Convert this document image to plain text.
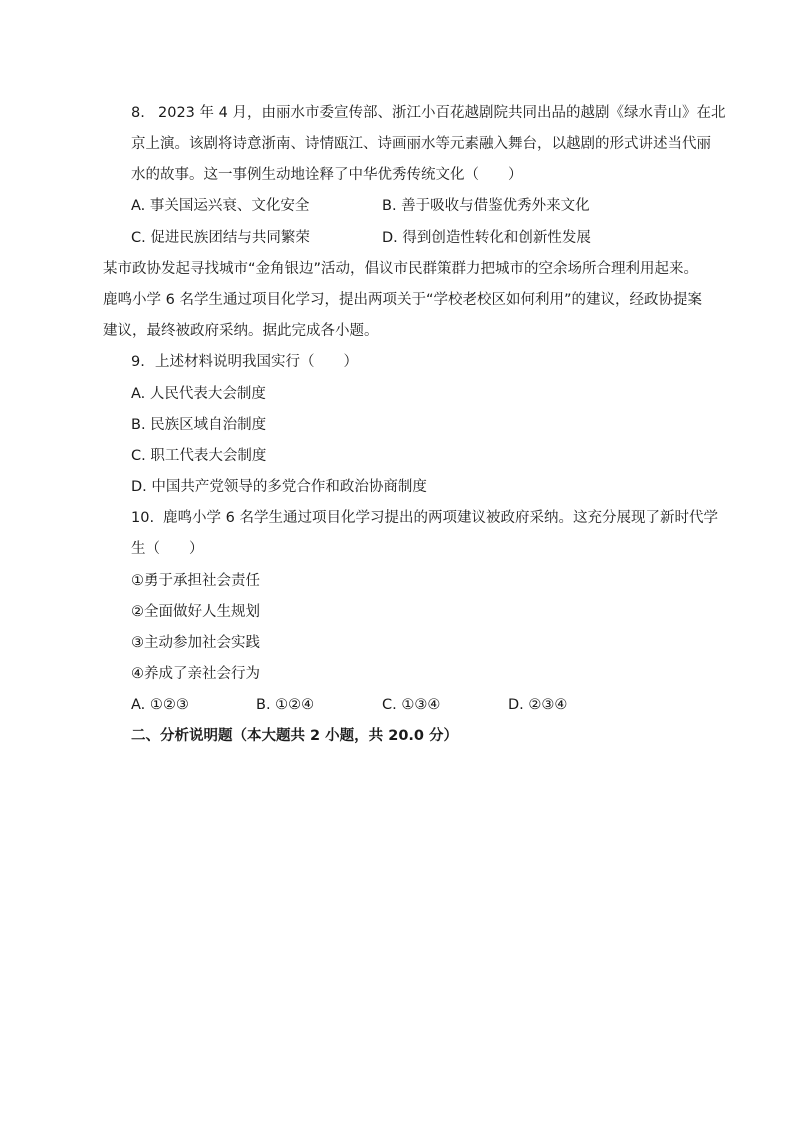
8. 2023 年 4 月，由丽水市委宣传部、浙江小百花越剧院共同出品的越剧《绿水青山》在北
京上演。该剧将诗意浙南、诗情瓯江、诗画丽水等元素融入舞台，以越剧的形式讲述当代丽
水的故事。这一事例生动地诠释了中华优秀传统文化（　　）
A. 事关国运兴衰、文化安全	B. 善于吸收与借鉴优秀外来文化
C. 促进民族团结与共同繁荣	D. 得到创造性转化和创新性发展
某市政协发起寻找城市“金角银边”活动，倡议市民群策群力把城市的空余场所合理利用起来。
鹿鸣小学 6 名学生通过项目化学习，提出两项关于“学校老校区如何利用”的建议，经政协提案
建议，最终被政府采纳。据此完成各小题。
9. 上述材料说明我国实行（　　）
A. 人民代表大会制度
B. 民族区域自治制度
C. 职工代表大会制度
D. 中国共产党领导的多党合作和政治协商制度
10. 鹿鸣小学 6 名学生通过项目化学习提出的两项建议被政府采纳。这充分展现了新时代学
生（　　）
①勇于承担社会责任
②全面做好人生规划
③主动参加社会实践
④养成了亲社会行为
A. ①②③	B. ①②④	C. ①③④	D. ②③④
二、分析说明题（本大题共 2 小题，共 20.0 分）
